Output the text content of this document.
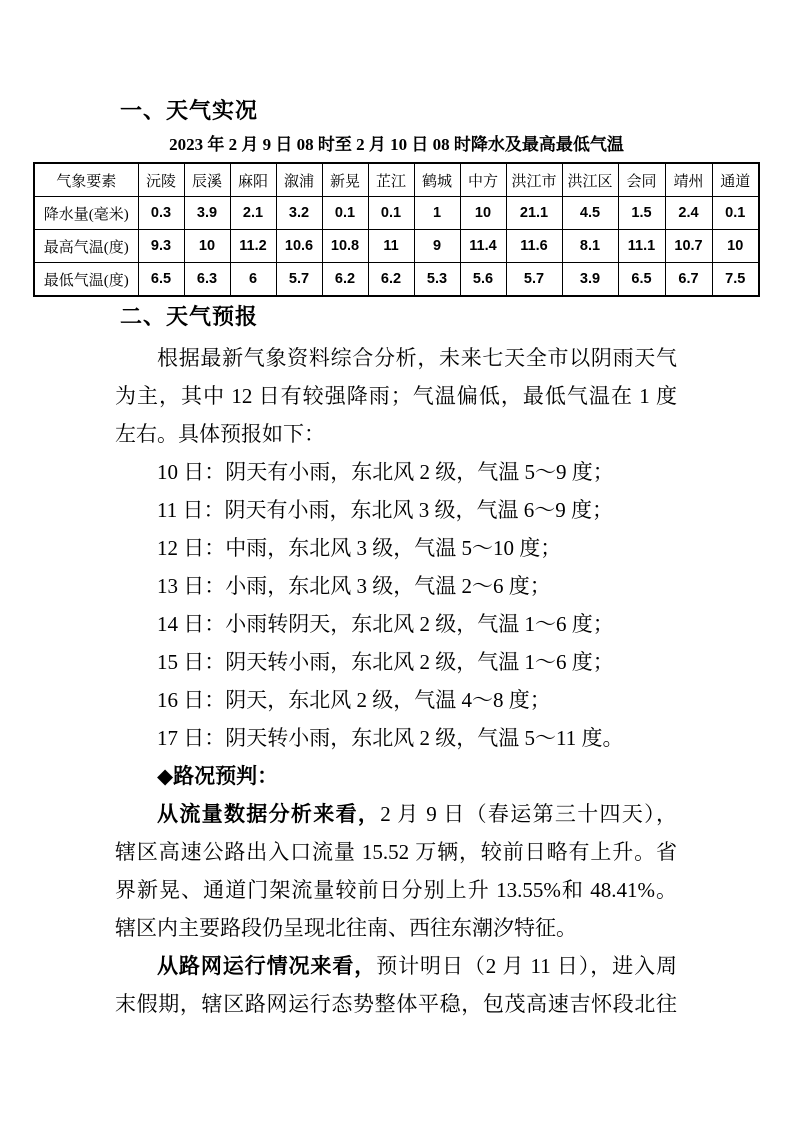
一、天气实况
2023 年 2 月 9 日 08 时至 2 月 10 日 08 时降水及最高最低气温
气象要素	沅陵	辰溪	麻阳	溆浦	新晃	芷江	鹤城	中方	洪江市	洪江区	会同	靖州	通道
降水量(毫米)	0.3	3.9	2.1	3.2	0.1	0.1	1	10	21.1	4.5	1.5	2.4	0.1
最高气温(度)	9.3	10	11.2	10.6	10.8	11	9	11.4	11.6	8.1	11.1	10.7	10
最低气温(度)	6.5	6.3	6	5.7	6.2	6.2	5.3	5.6	5.7	3.9	6.5	6.7	7.5
二、天气预报
根据最新气象资料综合分析，未来七天全市以阴雨天气
为主，其中 12 日有较强降雨；气温偏低，最低气温在 1 度
左右。具体预报如下：
10 日：阴天有小雨，东北风 2 级，气温 5～9 度；
11 日：阴天有小雨，东北风 3 级，气温 6～9 度；
12 日：中雨，东北风 3 级，气温 5～10 度；
13 日：小雨，东北风 3 级，气温 2～6 度；
14 日：小雨转阴天，东北风 2 级，气温 1～6 度；
15 日：阴天转小雨，东北风 2 级，气温 1～6 度；
16 日：阴天，东北风 2 级，气温 4～8 度；
17 日：阴天转小雨，东北风 2 级，气温 5～11 度。
◆路况预判：
从流量数据分析来看，2 月 9 日（春运第三十四天），
辖区高速公路出入口流量 15.52 万辆，较前日略有上升。省
界新晃、通道门架流量较前日分别上升 13.55%和 48.41%。
辖区内主要路段仍呈现北往南、西往东潮汐特征。
从路网运行情况来看，预计明日（2 月 11 日），进入周
末假期，辖区路网运行态势整体平稳，包茂高速吉怀段北往
